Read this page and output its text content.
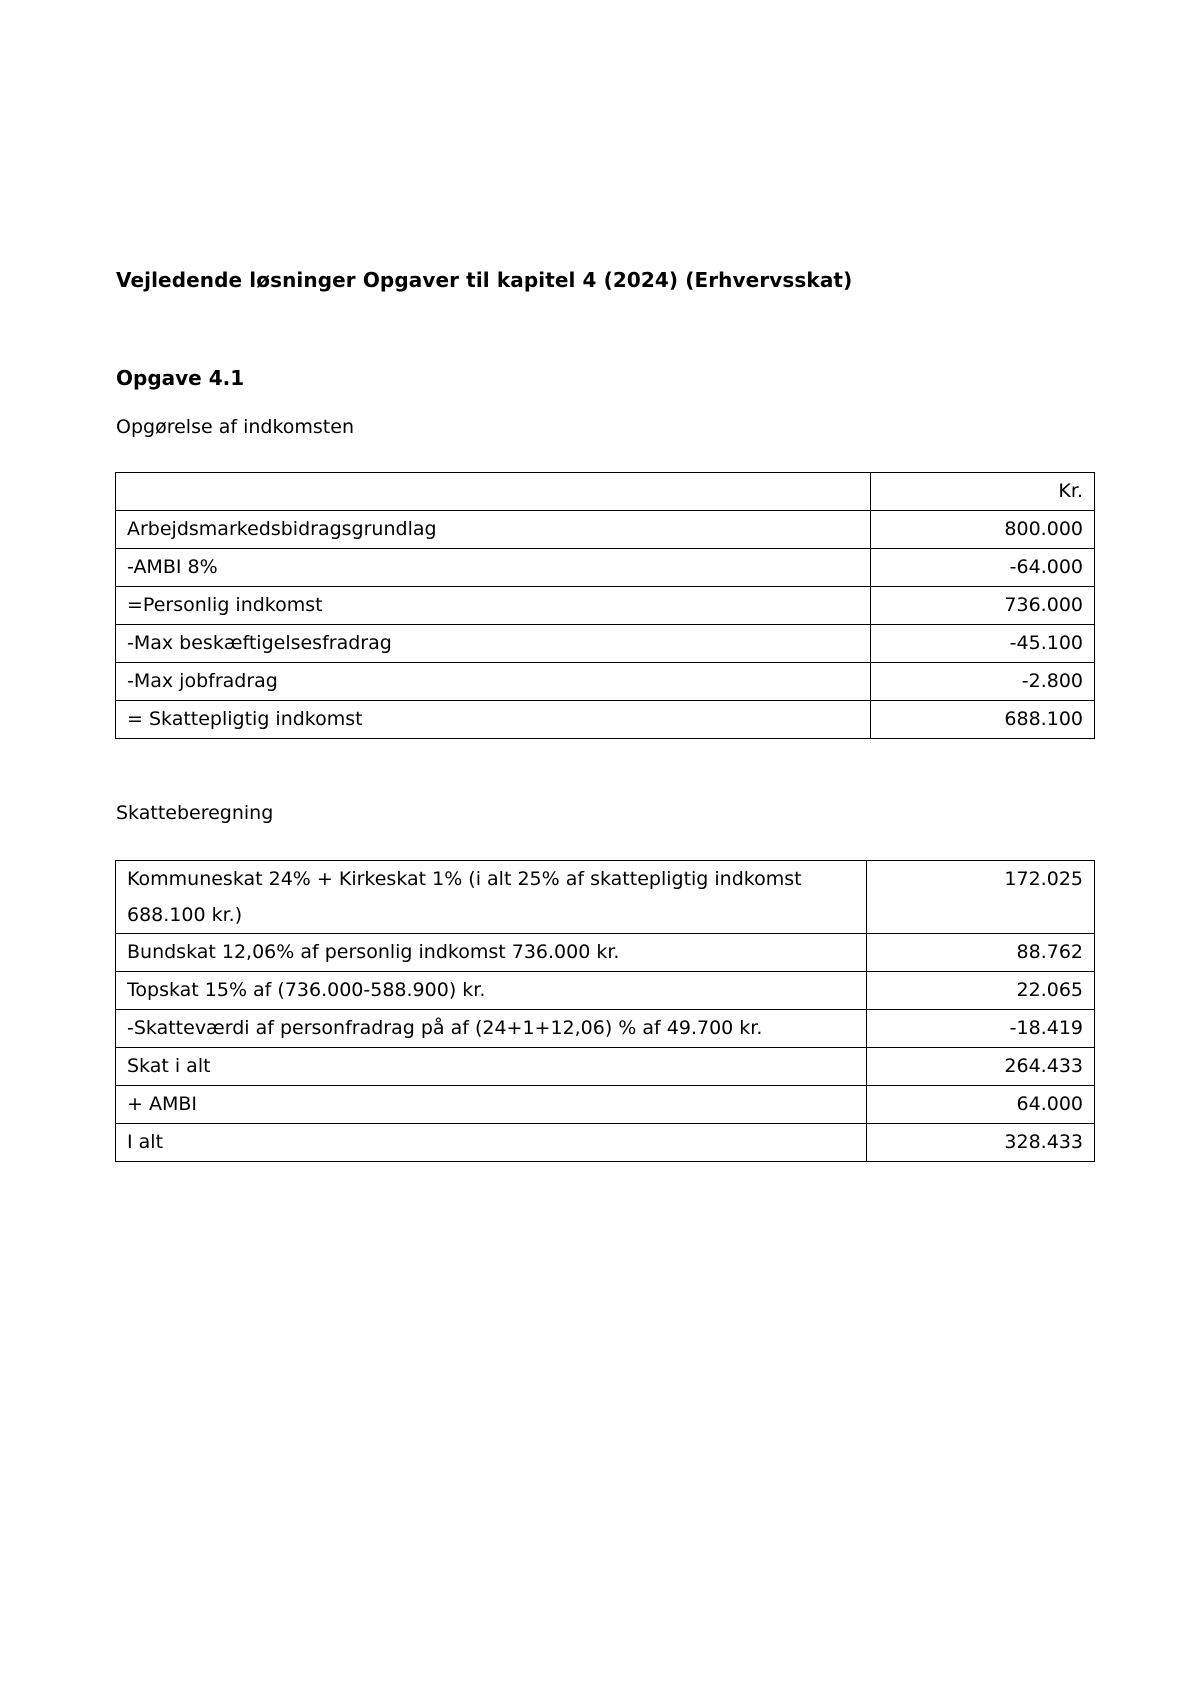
Vejledende løsninger Opgaver til kapitel 4 (2024) (Erhvervsskat)
Opgave 4.1
Opgørelse af indkomsten
	Kr.
Arbejdsmarkedsbidragsgrundlag	800.000
-AMBI 8%	-64.000
=Personlig indkomst	736.000
-Max beskæftigelsesfradrag	-45.100
-Max jobfradrag	-2.800
= Skattepligtig indkomst	688.100
Skatteberegning
Kommuneskat 24% + Kirkeskat 1% (i alt 25% af skattepligtig indkomst 688.100 kr.)	172.025
Bundskat 12,06% af personlig indkomst 736.000 kr.	88.762
Topskat 15% af (736.000-588.900) kr.	22.065
-Skatteværdi af personfradrag på af (24+1+12,06) % af 49.700 kr.	-18.419
Skat i alt	264.433
+ AMBI	64.000
I alt	328.433
